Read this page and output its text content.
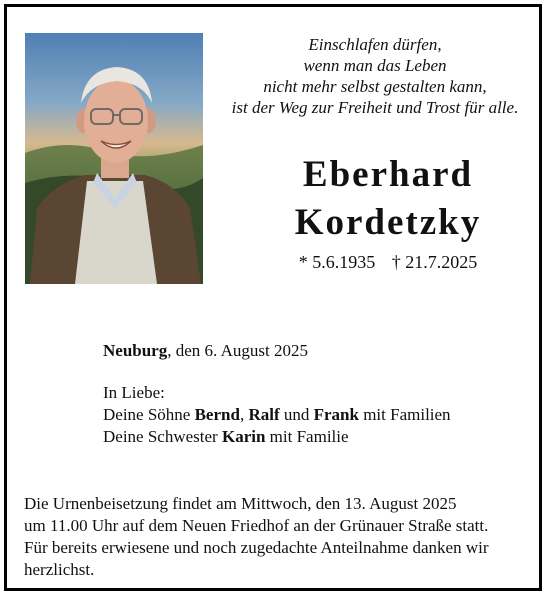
Einschlafen dürfen,
wenn man das Leben
nicht mehr selbst gestalten kann,
ist der Weg zur Freiheit und Trost für alle.
Eberhard
Kordetzky
* 5.6.1935 † 21.7.2025
Neuburg, den 6. August 2025
In Liebe:
Deine Söhne Bernd, Ralf und Frank mit Familien
Deine Schwester Karin mit Familie
Die Urnenbeisetzung findet am Mittwoch, den 13. August 2025
um 11.00 Uhr auf dem Neuen Friedhof an der Grünauer Straße statt.
Für bereits erwiesene und noch zugedachte Anteilnahme danken wir
herzlichst.
